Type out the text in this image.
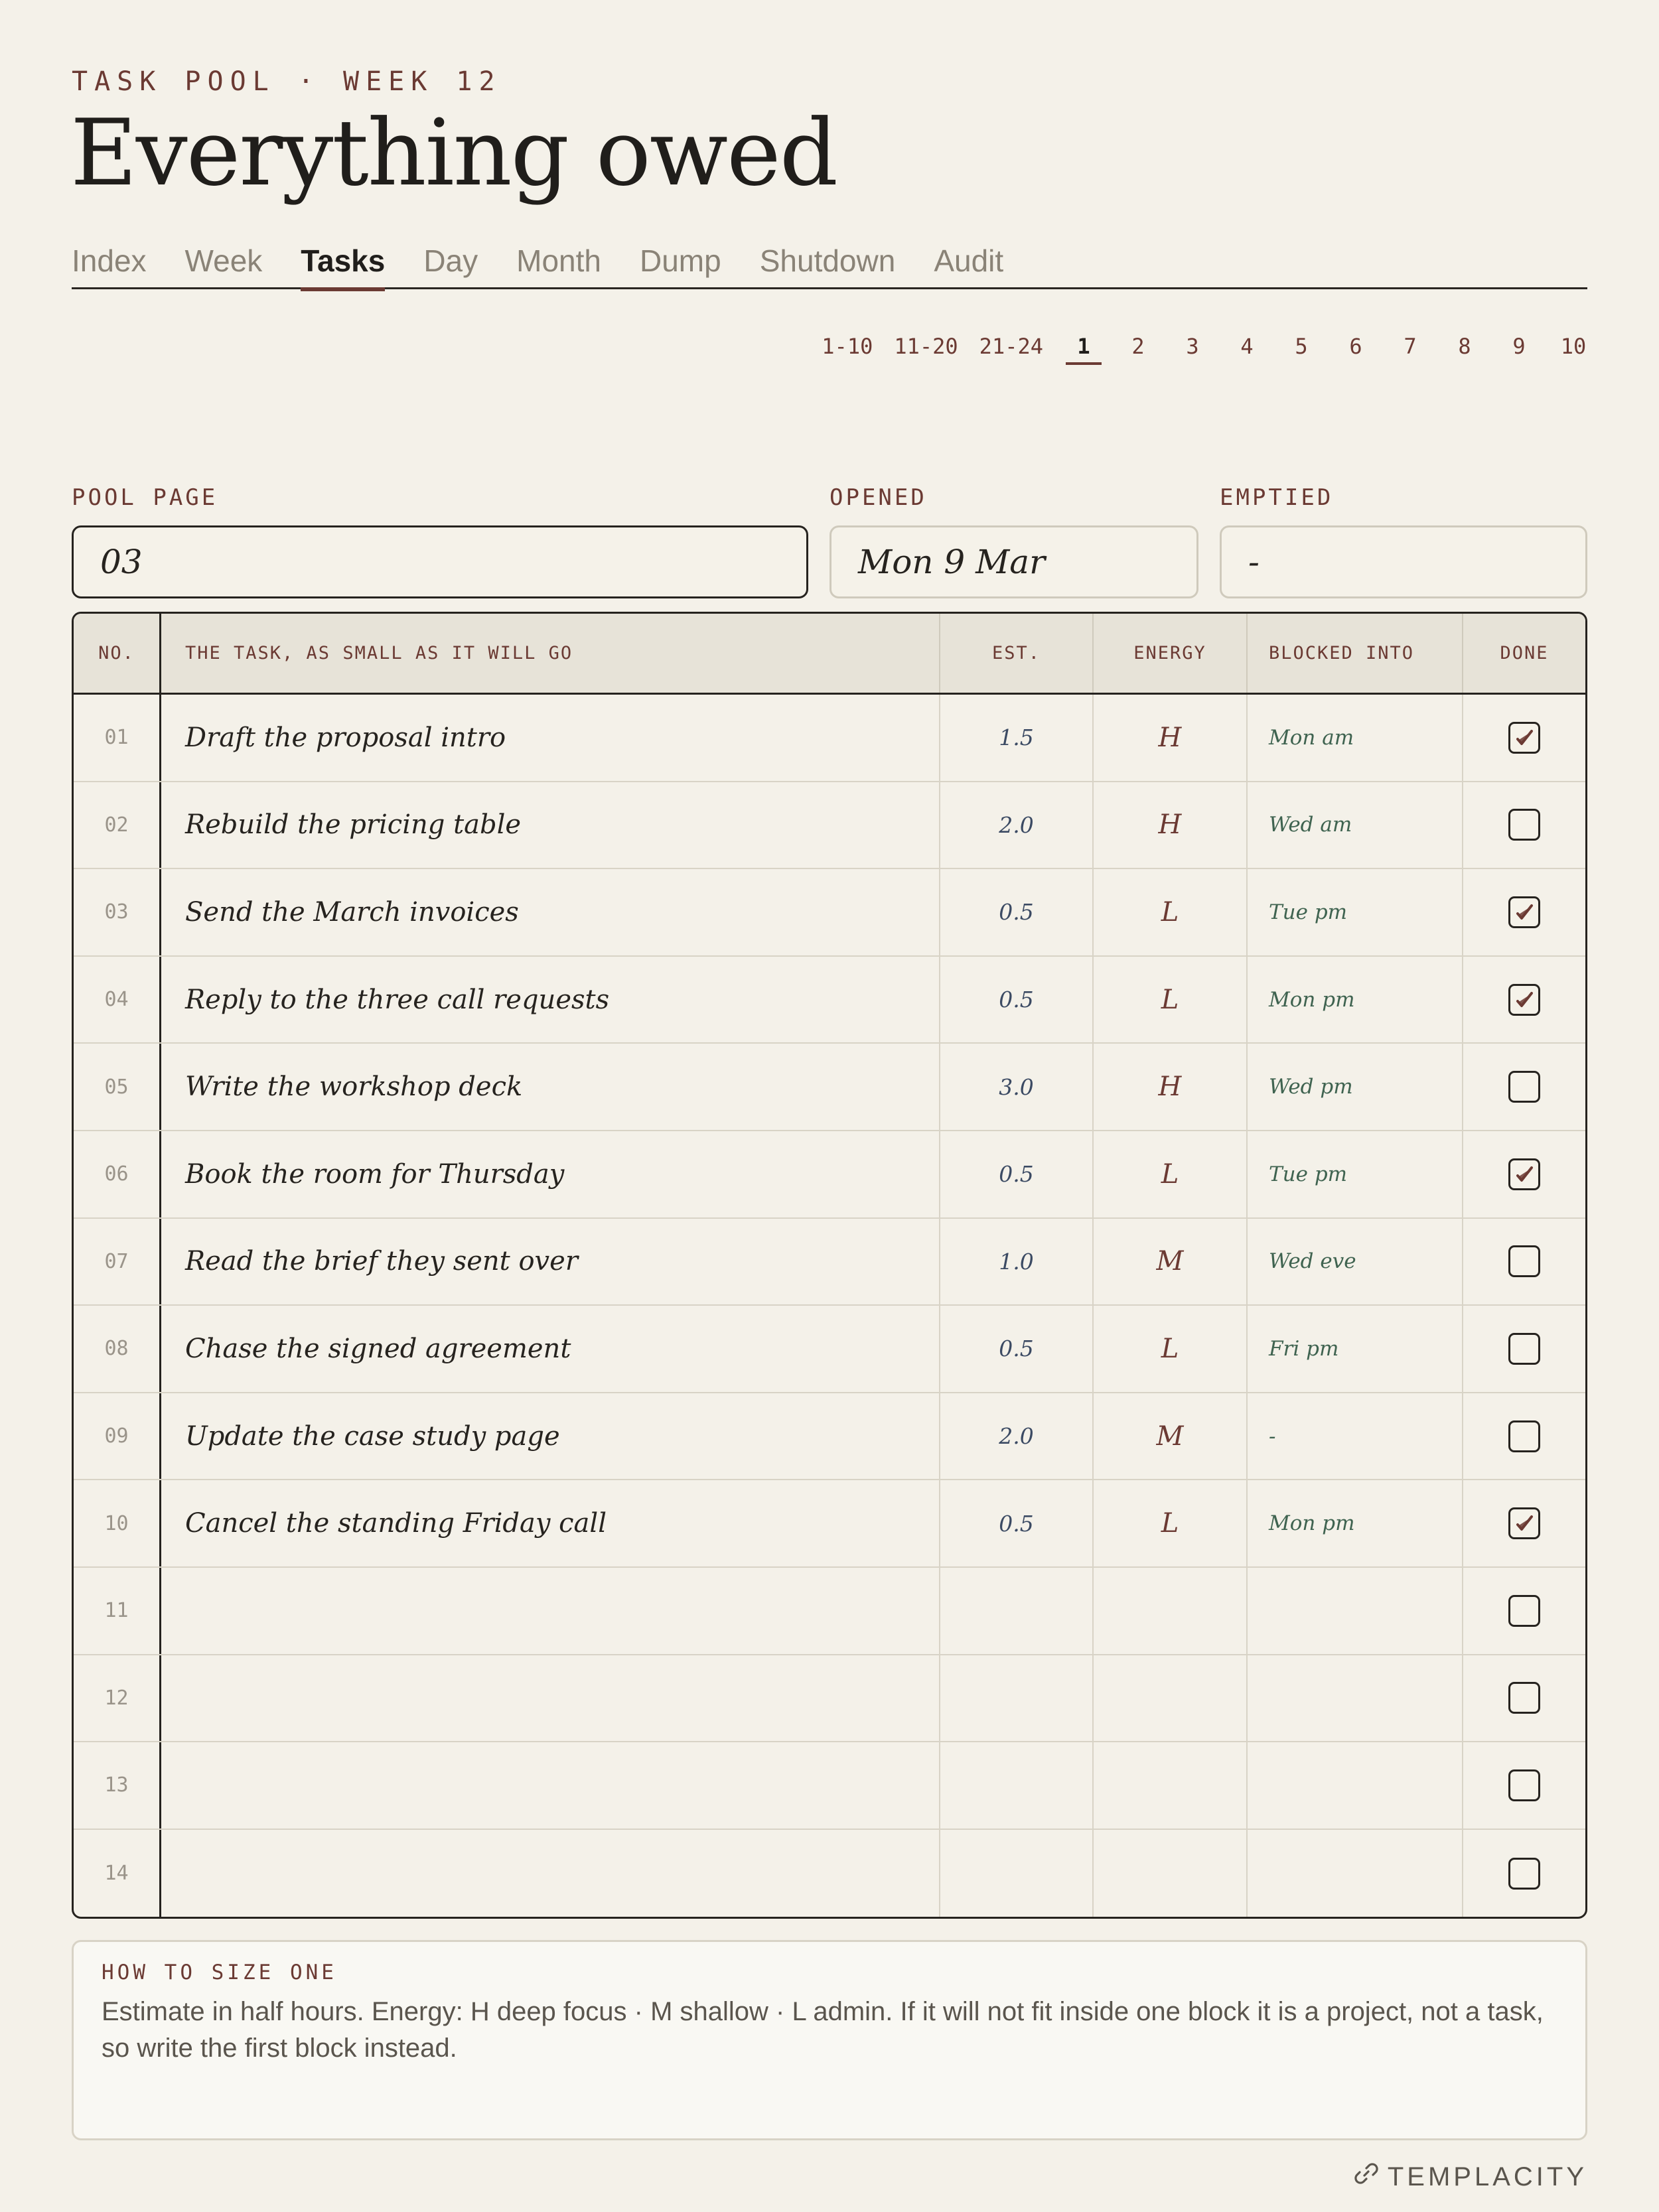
TASK POOL · WEEK 12
Everything owed
Index Week Tasks Day Month Dump Shutdown Audit
1-10 11-20 21-24	1	2	3	4	5	6	7	8	9	10
POOL PAGE	OPENED	EMPTIED
03	Mon 9 Mar	-
NO.	THE TASK, AS SMALL AS IT WILL GO	EST.	ENERGY	BLOCKED INTO	DONE
01 Draft the proposal intro	1.5	H	Mon am
02 Rebuild the pricing table	2.0	H	Wed am
03 Send the March invoices	0.5	L	Tue pm
04 Reply to the three call requests	0.5	L	Mon pm
05 Write the workshop deck	3.0	H	Wed pm
06 Book the room for Thursday	0.5	L	Tue pm
07 Read the brief they sent over	1.0	M	Wed eve
08 Chase the signed agreement	0.5	L	Fri pm
09 Update the case study page	2.0	M	-
10 Cancel the standing Friday call	0.5	L	Mon pm
11
12
13
14
HOW TO SIZE ONE
Estimate in half hours. Energy: H deep focus · M shallow · L admin. If it will not fit inside one block it is a project, not a task, so write the first block instead.
TEMPLACITY
